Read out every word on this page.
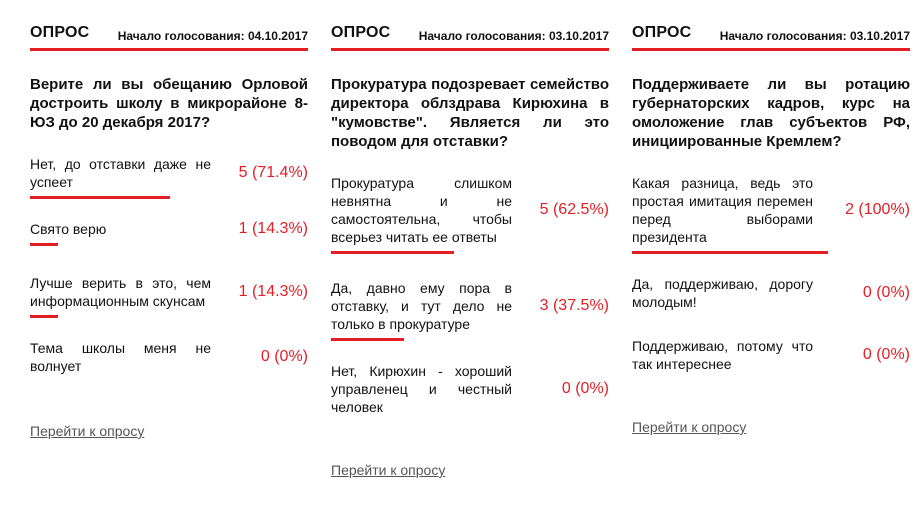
ОПРОС Начало голосования: 04.10.2017
Верите ли вы обещанию Орловой достроить школу в микрорайоне 8-ЮЗ до 20 декабря 2017?
Нет, до отставки даже не успеет
5 (71.4%)
Свято верю	1 (14.3%)
Лучше верить в это, чем информационным скунсам
1 (14.3%)
Тема школы меня не волнует
0 (0%)
Перейти к опросу
ОПРОС Начало голосования: 03.10.2017
Прокуратура подозревает семейство директора облздрава Кирюхина в "кумовстве". Является ли это поводом для отставки?
Прокуратура слишком невнятна и не самостоятельна, чтобы всерьез читать ее ответы
5 (62.5%)
Да, давно ему пора в отставку, и тут дело не только в прокуратуре
3 (37.5%)
Нет, Кирюхин - хороший управленец и честный человек
0 (0%)
Перейти к опросу
ОПРОС Начало голосования: 03.10.2017
Поддерживаете ли вы ротацию губернаторских кадров, курс на омоложение глав субъектов РФ, инициированные Кремлем?
Какая разница, ведь это простая имитация перемен перед выборами президента
2 (100%)
Да, поддерживаю, дорогу молодым!
0 (0%)
Поддерживаю, потому что так интереснее
0 (0%)
Перейти к опросу
